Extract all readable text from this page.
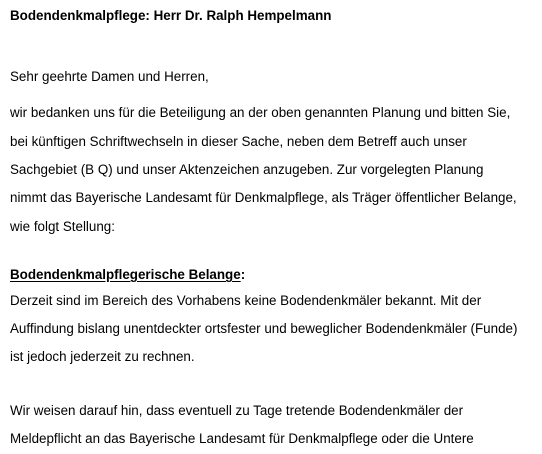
Bodendenkmalpflege: Herr Dr. Ralph Hempelmann
Sehr geehrte Damen und Herren,
wir bedanken uns für die Beteiligung an der oben genannten Planung und bitten Sie,
bei künftigen Schriftwechseln in dieser Sache, neben dem Betreff auch unser
Sachgebiet (B Q) und unser Aktenzeichen anzugeben. Zur vorgelegten Planung
nimmt das Bayerische Landesamt für Denkmalpflege, als Träger öffentlicher Belange,
wie folgt Stellung:
Bodendenkmalpflegerische Belange:
Derzeit sind im Bereich des Vorhabens keine Bodendenkmäler bekannt. Mit der
Auffindung bislang unentdeckter ortsfester und beweglicher Bodendenkmäler (Funde)
ist jedoch jederzeit zu rechnen.
Wir weisen darauf hin, dass eventuell zu Tage tretende Bodendenkmäler der
Meldepflicht an das Bayerische Landesamt für Denkmalpflege oder die Untere
